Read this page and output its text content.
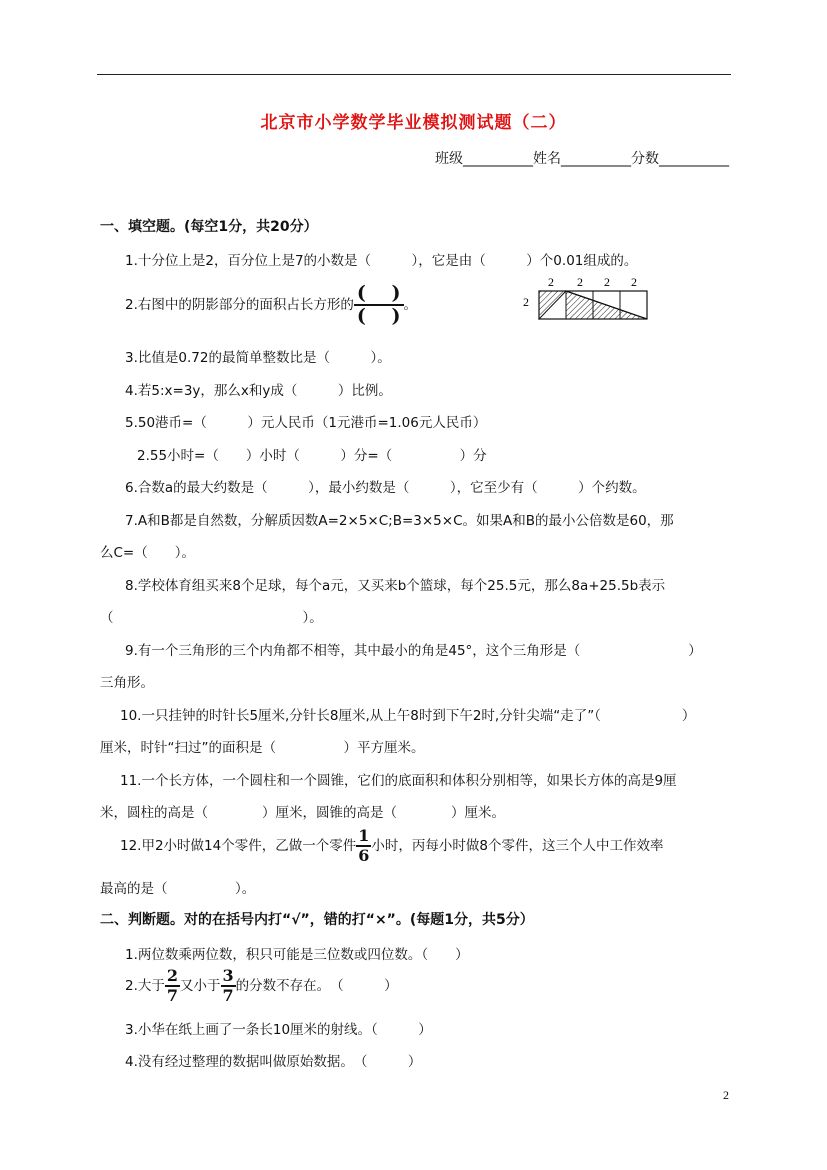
北京市小学数学毕业模拟测试题（二）
班级__________姓名__________分数__________
一、填空题。(每空1分，共20分）
1.十分位上是2，百分位上是7的小数是（　　　），它是由（　　　）个0.01组成的。
2.右图中的阴影部分的面积占长方形的 $\frac{( )}{( )}$ 。
2 2 2 2
2
3.比值是0.72的最简单整数比是（　　　）。
4.若5:x=3y，那么x和y成（　　　）比例。
5.50港币=（　　　）元人民币（1元港币=1.06元人民币）
2.55小时=（　　）小时（　　　）分=（　　　　　）分
6.合数a的最大约数是（　　　），最小约数是（　　　），它至少有（　　　）个约数。
7.A和B都是自然数，分解质因数A=2×5×C;B=3×5×C。如果A和B的最小公倍数是60，那
么C=（　　）。
8.学校体育组买来8个足球，每个a元，又买来b个篮球，每个25.5元，那么8a+25.5b表示
（　　　　　　　　　　　　　　）。
9.有一个三角形的三个内角都不相等，其中最小的角是45°，这个三角形是（　　　　　　　　）
三角形。
10.一只挂钟的时针长5厘米,分针长8厘米,从上午8时到下午2时,分针尖端“走了”（　　　　　　）
厘米，时针“扫过”的面积是（　　　　　）平方厘米。
11.一个长方体，一个圆柱和一个圆锥，它们的底面积和体积分别相等，如果长方体的高是9厘
米，圆柱的高是（　　　　）厘米，圆锥的高是（　　　　）厘米。
12.甲2小时做14个零件，乙做一个零件 $\frac{1}{6}$ 小时，丙每小时做8个零件，这三个人中工作效率
最高的是（　　　　　）。
二、判断题。对的在括号内打“√”，错的打“×”。(每题1分，共5分）
1.两位数乘两位数，积只可能是三位数或四位数。（　　）
2.大于 $\frac{2}{7}$ 又小于 $\frac{3}{7}$ 的分数不存在。　（　　　）
3.小华在纸上画了一条长10厘米的射线。（　　　）
4.没有经过整理的数据叫做原始数据。　（　　　）
2
